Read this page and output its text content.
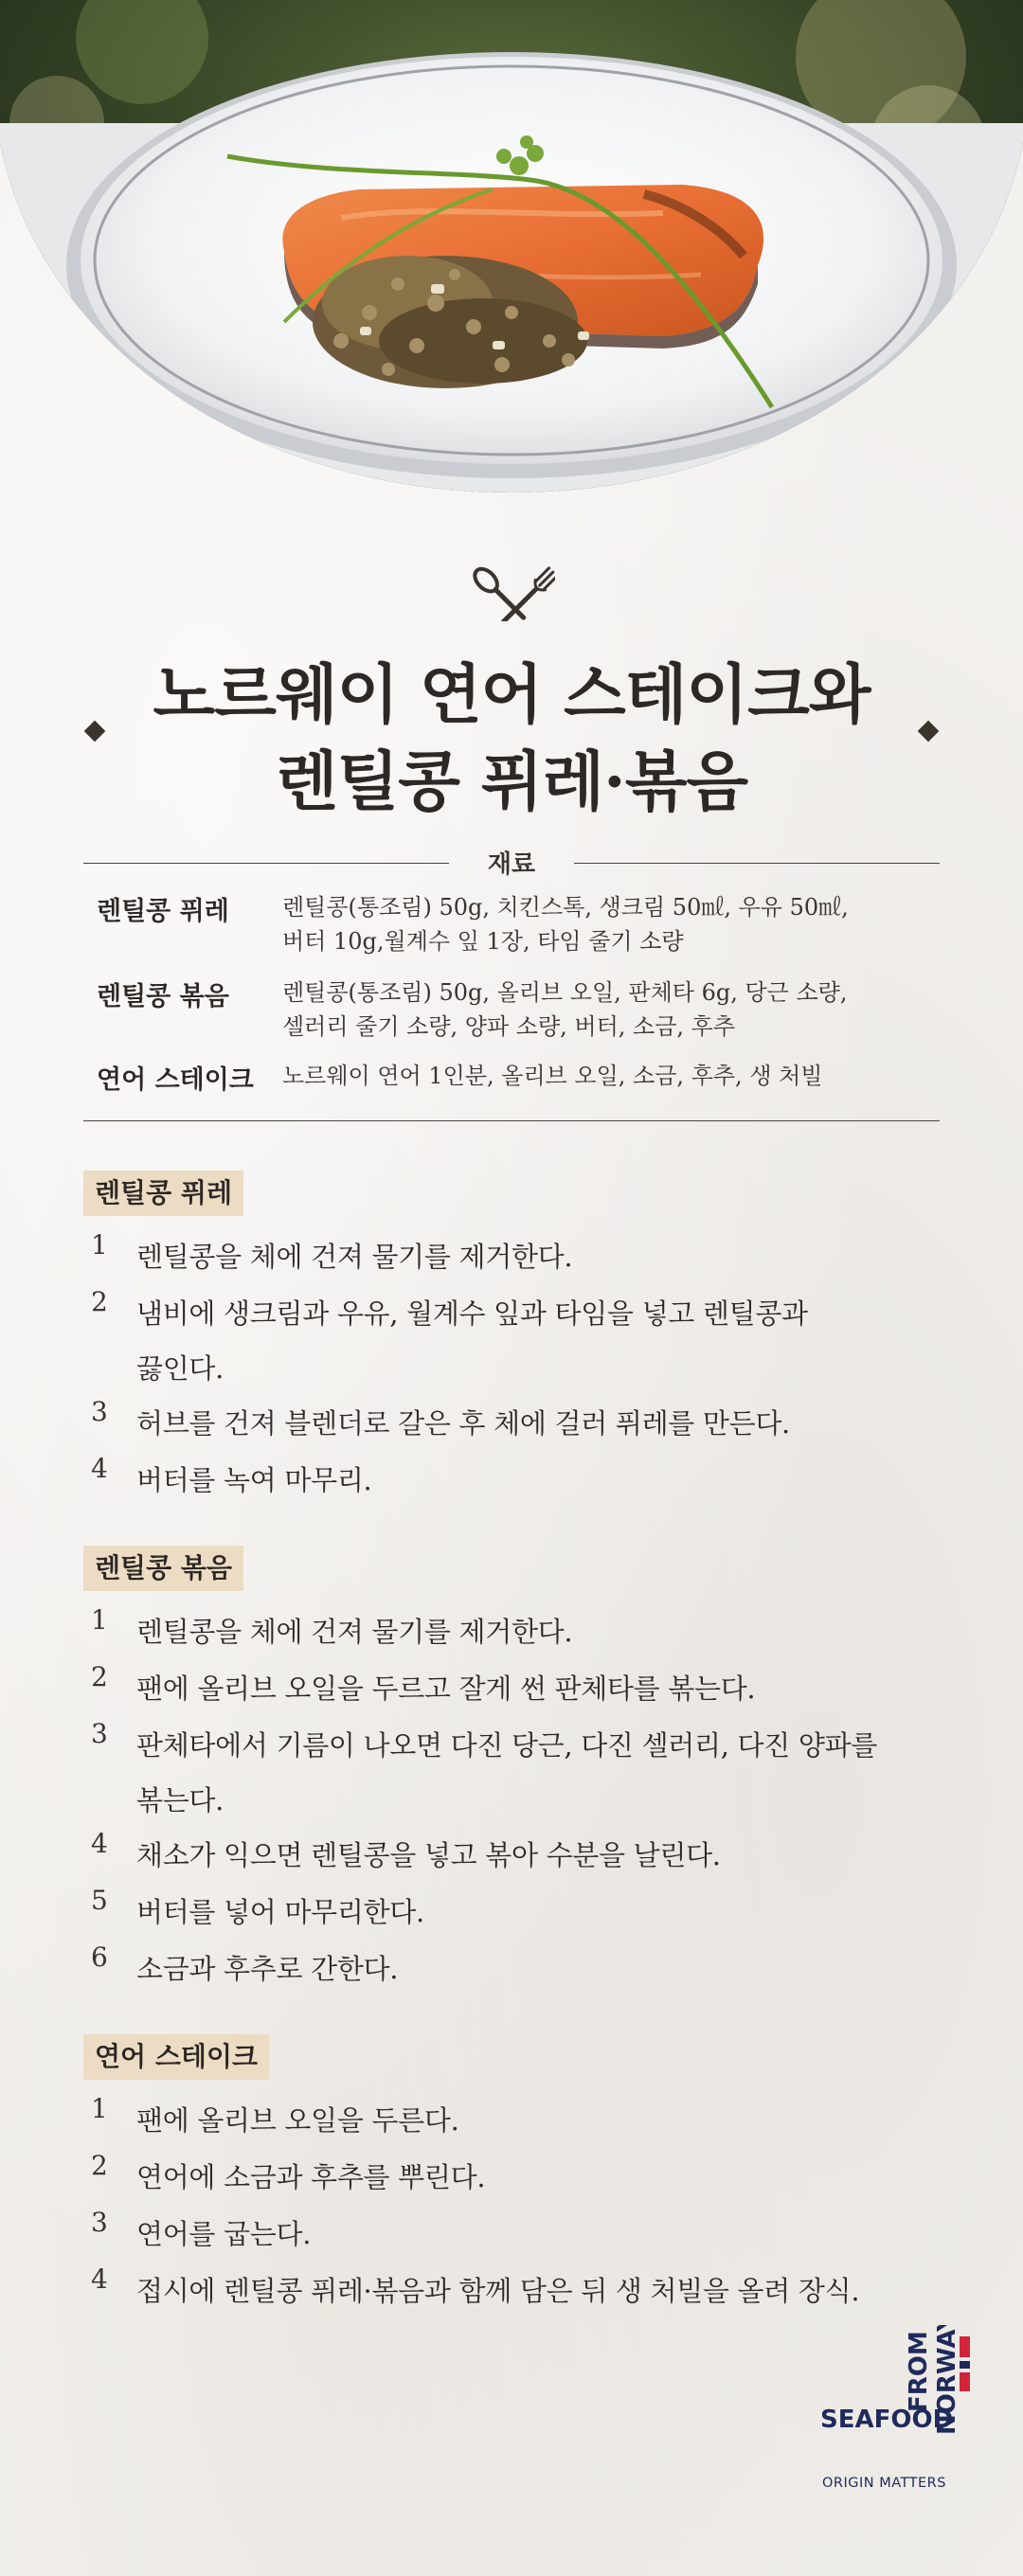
노르웨이 연어 스테이크와
렌틸콩 퓌레·볶음
재료
렌틸콩 퓌레 렌틸콩(통조림) 50g, 치킨스톡, 생크림 50㎖, 우유 50㎖,
버터 10g,월계수 잎 1장, 타임 줄기 소량
렌틸콩 볶음 렌틸콩(통조림) 50g, 올리브 오일, 판체타 6g, 당근 소량,
셀러리 줄기 소량, 양파 소량, 버터, 소금, 후추
연어 스테이크 노르웨이 연어 1인분, 올리브 오일, 소금, 후추, 생 처빌
렌틸콩 퓌레
1 렌틸콩을 체에 건져 물기를 제거한다.
2 냄비에 생크림과 우유, 월계수 잎과 타임을 넣고 렌틸콩과
끓인다.
3 허브를 건져 블렌더로 갈은 후 체에 걸러 퓌레를 만든다.
4 버터를 녹여 마무리.
렌틸콩 볶음
1 렌틸콩을 체에 건져 물기를 제거한다.
2 팬에 올리브 오일을 두르고 잘게 썬 판체타를 볶는다.
3 판체타에서 기름이 나오면 다진 당근, 다진 셀러리, 다진 양파를
볶는다.
4 채소가 익으면 렌틸콩을 넣고 볶아 수분을 날린다.
5 버터를 넣어 마무리한다.
6 소금과 후추로 간한다.
연어 스테이크
1 팬에 올리브 오일을 두른다.
2 연어에 소금과 후추를 뿌린다.
3 연어를 굽는다.
4 접시에 렌틸콩 퓌레·볶음과 함께 담은 뒤 생 처빌을 올려 장식.
NORWAY
FROM
SEAFOOD
ORIGIN MATTERS
